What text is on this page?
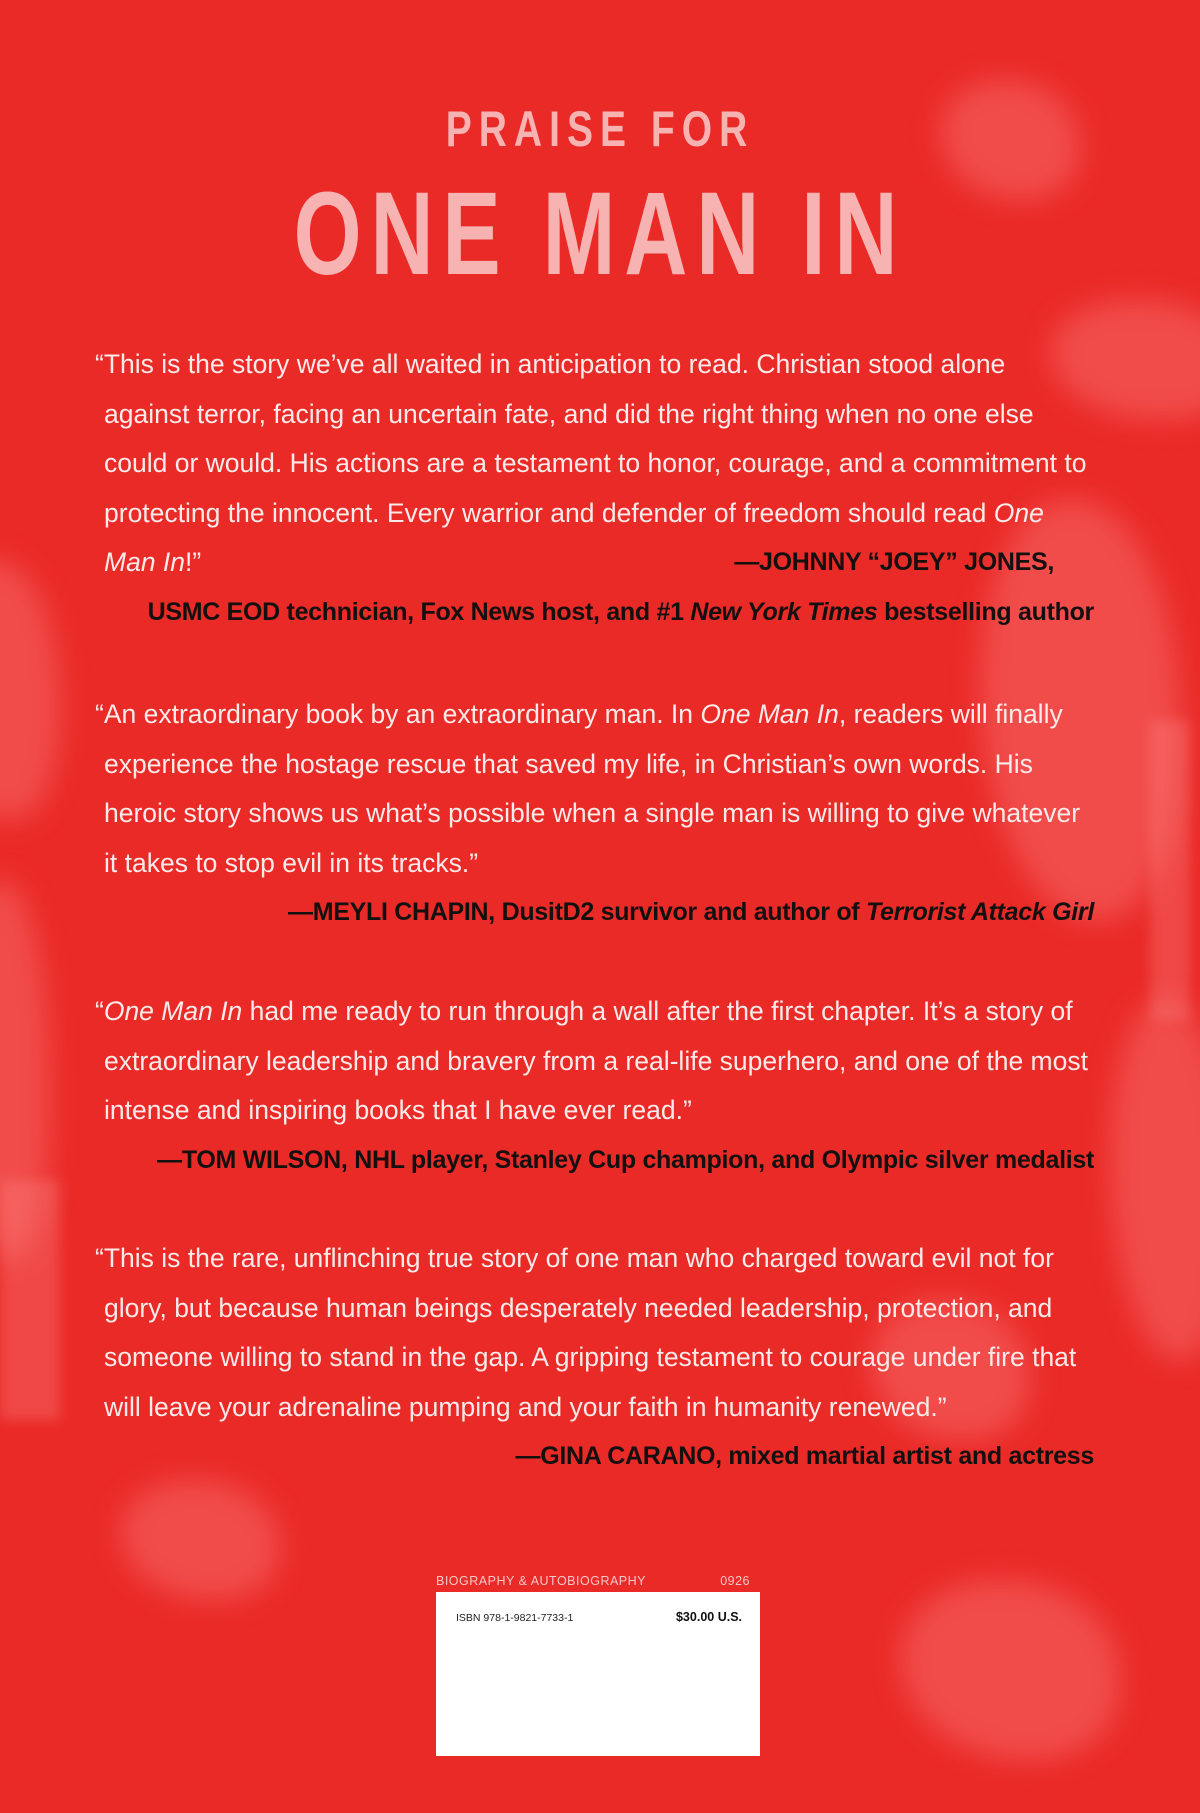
PRAISE FOR
ONE MAN IN

“This is the story we’ve all waited in anticipation to read. Christian stood alone against terror, facing an uncertain fate, and did the right thing when no one else could or would. His actions are a testament to honor, courage, and a commitment to protecting the innocent. Every warrior and defender of freedom should read One Man In!”	—JOHNNY “JOEY” JONES,

USMC EOD technician, Fox News host, and #1 New York Times bestselling author

“An extraordinary book by an extraordinary man. In One Man In, readers will finally experience the hostage rescue that saved my life, in Christian’s own words. His heroic story shows us what’s possible when a single man is willing to give whatever it takes to stop evil in its tracks.”

—MEYLI CHAPIN, DusitD2 survivor and author of Terrorist Attack Girl

“One Man In had me ready to run through a wall after the first chapter. It’s a story of extraordinary leadership and bravery from a real-life superhero, and one of the most intense and inspiring books that I have ever read.”

—TOM WILSON, NHL player, Stanley Cup champion, and Olympic silver medalist

“This is the rare, unflinching true story of one man who charged toward evil not for glory, but because human beings desperately needed leadership, protection, and someone willing to stand in the gap. A gripping testament to courage under fire that will leave your adrenaline pumping and your faith in humanity renewed.”
—GINA CARANO, mixed martial artist and actress

BIOGRAPHY & AUTOBIOGRAPHY	0926
ISBN 978-1-9821-7733-1	$30.00 U.S.
